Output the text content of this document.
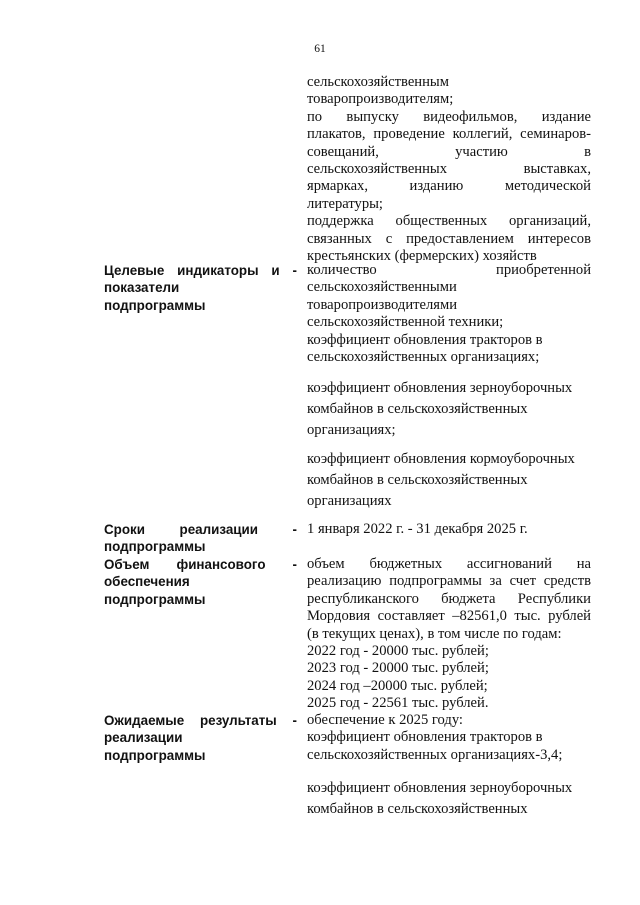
61
сельскохозяйственным
товаропроизводителям;
по выпуску видеофильмов, издание
плакатов, проведение коллегий, семинаров-
совещаний, участию в
сельскохозяйственных выставках,
ярмарках, изданию методической
литературы;
поддержка общественных организаций,
связанных с предоставлением интересов
крестьянских (фермерских) хозяйств
Целевые индикаторы и -
показатели
подпрограммы
количество приобретенной
сельскохозяйственными
товаропроизводителями
сельскохозяйственной техники;
коэффициент обновления тракторов в
сельскохозяйственных организациях;
коэффициент обновления зерноуборочных
комбайнов в сельскохозяйственных
организациях;
коэффициент обновления кормоуборочных
комбайнов в сельскохозяйственных
организациях
Сроки реализации -
подпрограммы
1 января 2022 г. - 31 декабря 2025 г.
Объем финансового -
обеспечения
подпрограммы
объем бюджетных ассигнований на
реализацию подпрограммы за счет средств
республиканского бюджета Республики
Мордовия составляет –82561,0 тыс. рублей
(в текущих ценах), в том числе по годам:
2022 год - 20000 тыс. рублей;
2023 год - 20000 тыс. рублей;
2024 год –20000 тыс. рублей;
2025 год - 22561 тыс. рублей.
Ожидаемые результаты -
реализации
подпрограммы
обеспечение к 2025 году:
коэффициент обновления тракторов в
сельскохозяйственных организациях-3,4;
коэффициент обновления зерноуборочных
комбайнов в сельскохозяйственных
